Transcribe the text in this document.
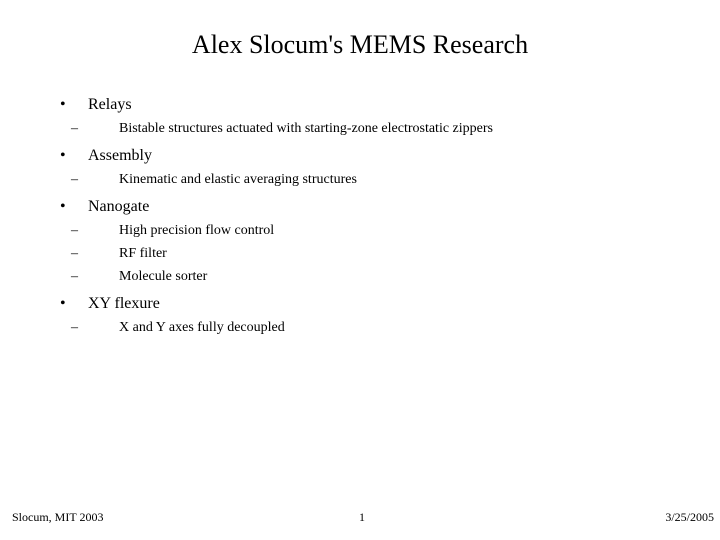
Alex Slocum's MEMS Research
•	Relays
–	Bistable structures actuated with starting-zone electrostatic zippers
•	Assembly
–	Kinematic and elastic averaging structures
•	Nanogate
–	High precision flow control
–	RF filter
–	Molecule sorter
•	XY flexure
–	X and Y axes fully decoupled
Slocum, MIT 2003	1	3/25/2005
